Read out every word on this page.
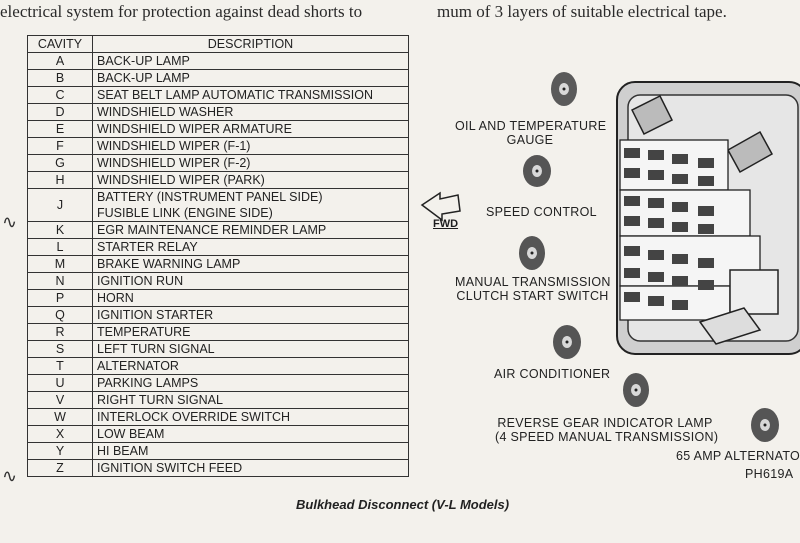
electrical system for protection against dead shorts to	mum of 3 layers of suitable electrical tape.
CAVITY	DESCRIPTION
A	BACK-UP LAMP
B	BACK-UP LAMP
C	SEAT BELT LAMP AUTOMATIC TRANSMISSION
D	WINDSHIELD WASHER
E	WINDSHIELD WIPER ARMATURE
F	WINDSHIELD WIPER (F-1)
G	WINDSHIELD WIPER (F-2)
H	WINDSHIELD WIPER (PARK)
J	BATTERY (INSTRUMENT PANEL SIDE)
FUSIBLE LINK (ENGINE SIDE)

K	EGR MAINTENANCE REMINDER LAMP
L	STARTER RELAY
M	BRAKE WARNING LAMP
N	IGNITION RUN
P	HORN
Q	IGNITION STARTER
R	TEMPERATURE
S	LEFT TURN SIGNAL
T	ALTERNATOR
U	PARKING LAMPS
V	RIGHT TURN SIGNAL
W	INTERLOCK OVERRIDE SWITCH
X	LOW BEAM
Y	HI BEAM
Z	IGNITION SWITCH FEED
∿
∿
Bulkhead Disconnect (V-L Models)
FWD
OIL AND TEMPERATURE
GAUGE
SPEED CONTROL
MANUAL TRANSMISSION
CLUTCH START SWITCH
AIR CONDITIONER
REVERSE GEAR INDICATOR LAMP
(4 SPEED MANUAL TRANSMISSION)
65 AMP ALTERNATO
PH619A
